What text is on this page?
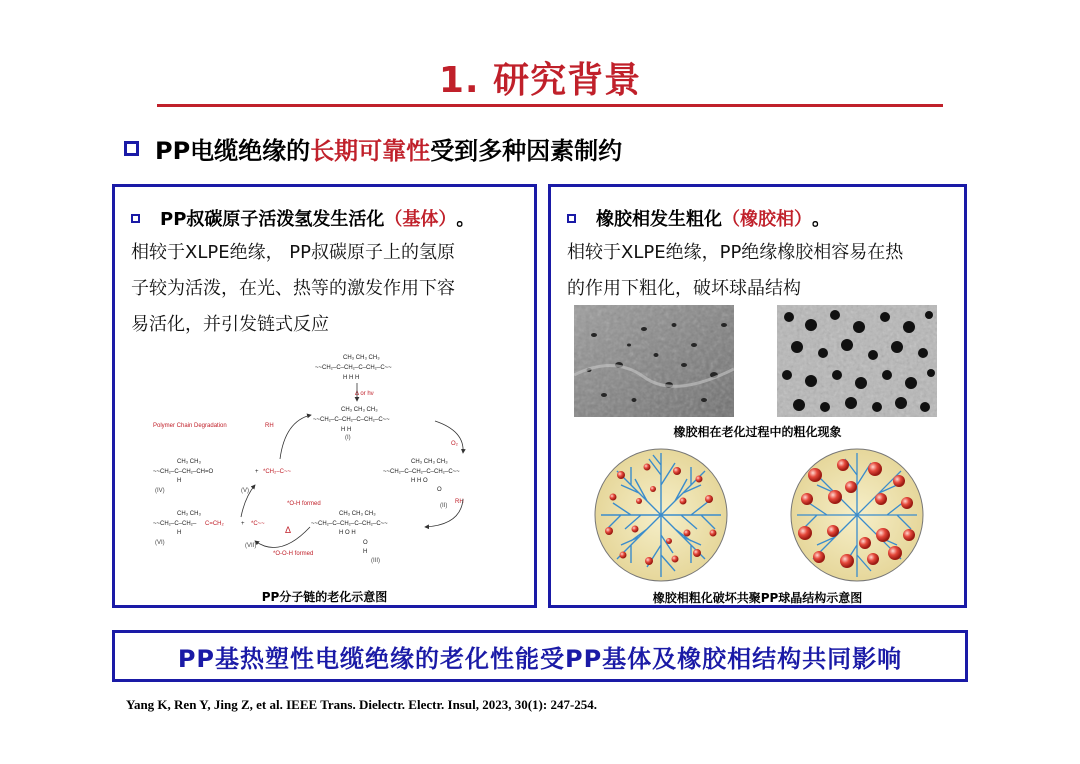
1. 研究背景
PP电缆绝缘的 长期可靠性 受到多种因素制约
PP叔碳原子活泼氢发生活化 （基体） 。
相较于XLPE绝缘， PP叔碳原子上的氢原
子较为活泼，在光、热等的激发作用下容
易活化，并引发链式反应
~~CH₂–C–CH₂–C–CH₂–C~~
CH₃ CH₃ CH₃
H H H
~~CH₂–C–CH₂–C–CH₂–C~~
CH₃ CH₃ CH₃
H H
~~CH₂–C–CH₂–CH=O
CH₃ CH₃
H
+ *CH₂–C~~	~~CH₂–C–CH₂–C–CH₂–C~~
CH₃ CH₃ CH₃
H H O
O
~~CH₂–C–CH₂– C=CH₂
CH₃ CH₃
H
+ *C~~	~~CH₂–C–CH₂–C–CH₂–C~~
CH₃ CH₃ CH₃
H O H
O
H
(I)
(II)
(III)
(IV)	(V)
(VI)	(VII)
Polymer Chain Degradation	RH
O₂
Δ or hν
RH
*O-H formed
*O-O-H formed
Δ
PP分子链的老化示意图
橡胶相发生粗化 （橡胶相） 。
相较于XLPE绝缘，PP绝缘橡胶相容易在热
的作用下粗化，破坏球晶结构
橡胶相在老化过程中的粗化现象
橡胶相粗化破坏共聚PP球晶结构示意图
PP基热塑性电缆绝缘的老化性能受PP基体及橡胶相结构共同影响
Yang K, Ren Y, Jing Z, et al. IEEE Trans. Dielectr. Electr. Insul, 2023, 30(1): 247-254.
